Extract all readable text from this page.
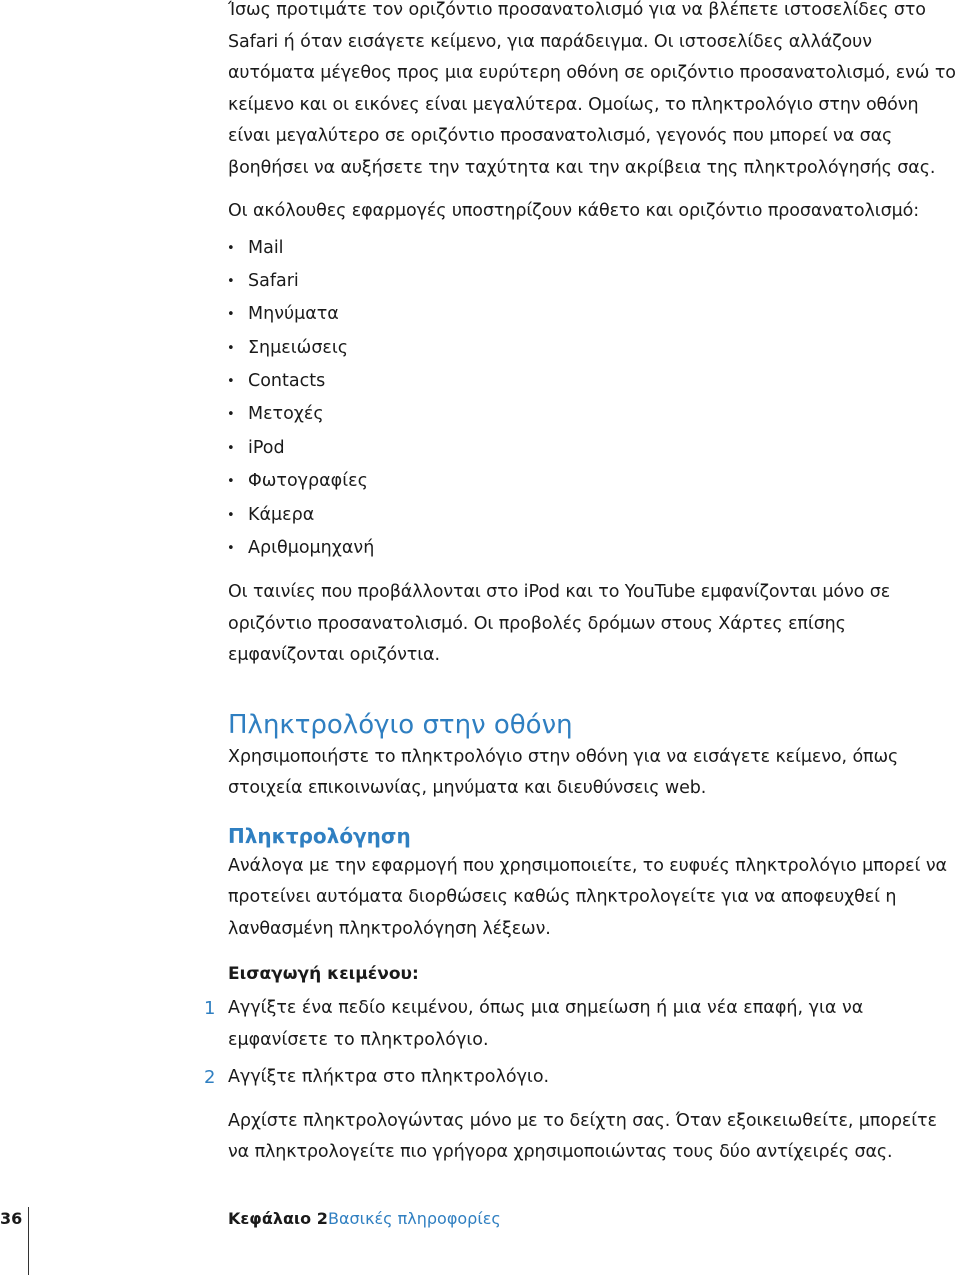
Ίσως προτιμάτε τον οριζόντιο προσανατολισμό για να βλέπετε ιστοσελίδες στο Safari ή όταν εισάγετε κείμενο, για παράδειγμα. Οι ιστοσελίδες αλλάζουν αυτόματα μέγεθος προς μια ευρύτερη οθόνη σε οριζόντιο προσανατολισμό, ενώ το κείμενο και οι εικόνες είναι μεγαλύτερα. Ομοίως, το πληκτρολόγιο στην οθόνη είναι μεγαλύτερο σε οριζόντιο προσανατολισμό, γεγονός που μπορεί να σας βοηθήσει να αυξήσετε την ταχύτητα και την ακρίβεια της πληκτρολόγησής σας.

Οι ακόλουθες εφαρμογές υποστηρίζουν κάθετο και οριζόντιο προσανατολισμό:

• Mail
• Safari
• Μηνύματα
• Σημειώσεις
• Contacts
• Μετοχές
• iPod
• Φωτογραφίες
• Κάμερα
• Αριθμομηχανή

Οι ταινίες που προβάλλονται στο iPod και το YouTube εμφανίζονται μόνο σε οριζόντιο προσανατολισμό. Οι προβολές δρόμων στους Χάρτες επίσης εμφανίζονται οριζόντια.

Πληκτρολόγιο στην οθόνη

Χρησιμοποιήστε το πληκτρολόγιο στην οθόνη για να εισάγετε κείμενο, όπως στοιχεία επικοινωνίας, μηνύματα και διευθύνσεις web.

Πληκτρολόγηση

Ανάλογα με την εφαρμογή που χρησιμοποιείτε, το ευφυές πληκτρολόγιο μπορεί να προτείνει αυτόματα διορθώσεις καθώς πληκτρολογείτε για να αποφευχθεί η λανθασμένη πληκτρολόγηση λέξεων.

Εισαγωγή κειμένου:
1 Αγγίξτε ένα πεδίο κειμένου, όπως μια σημείωση ή μια νέα επαφή, για να εμφανίσετε το πληκτρολόγιο.
2 Αγγίξτε πλήκτρα στο πληκτρολόγιο.

Αρχίστε πληκτρολογώντας μόνο με το δείχτη σας. Όταν εξοικειωθείτε, μπορείτε να πληκτρολογείτε πιο γρήγορα χρησιμοποιώντας τους δύο αντίχειρές σας.

36	Κεφάλαιο 2 Βασικές πληροφορίες
